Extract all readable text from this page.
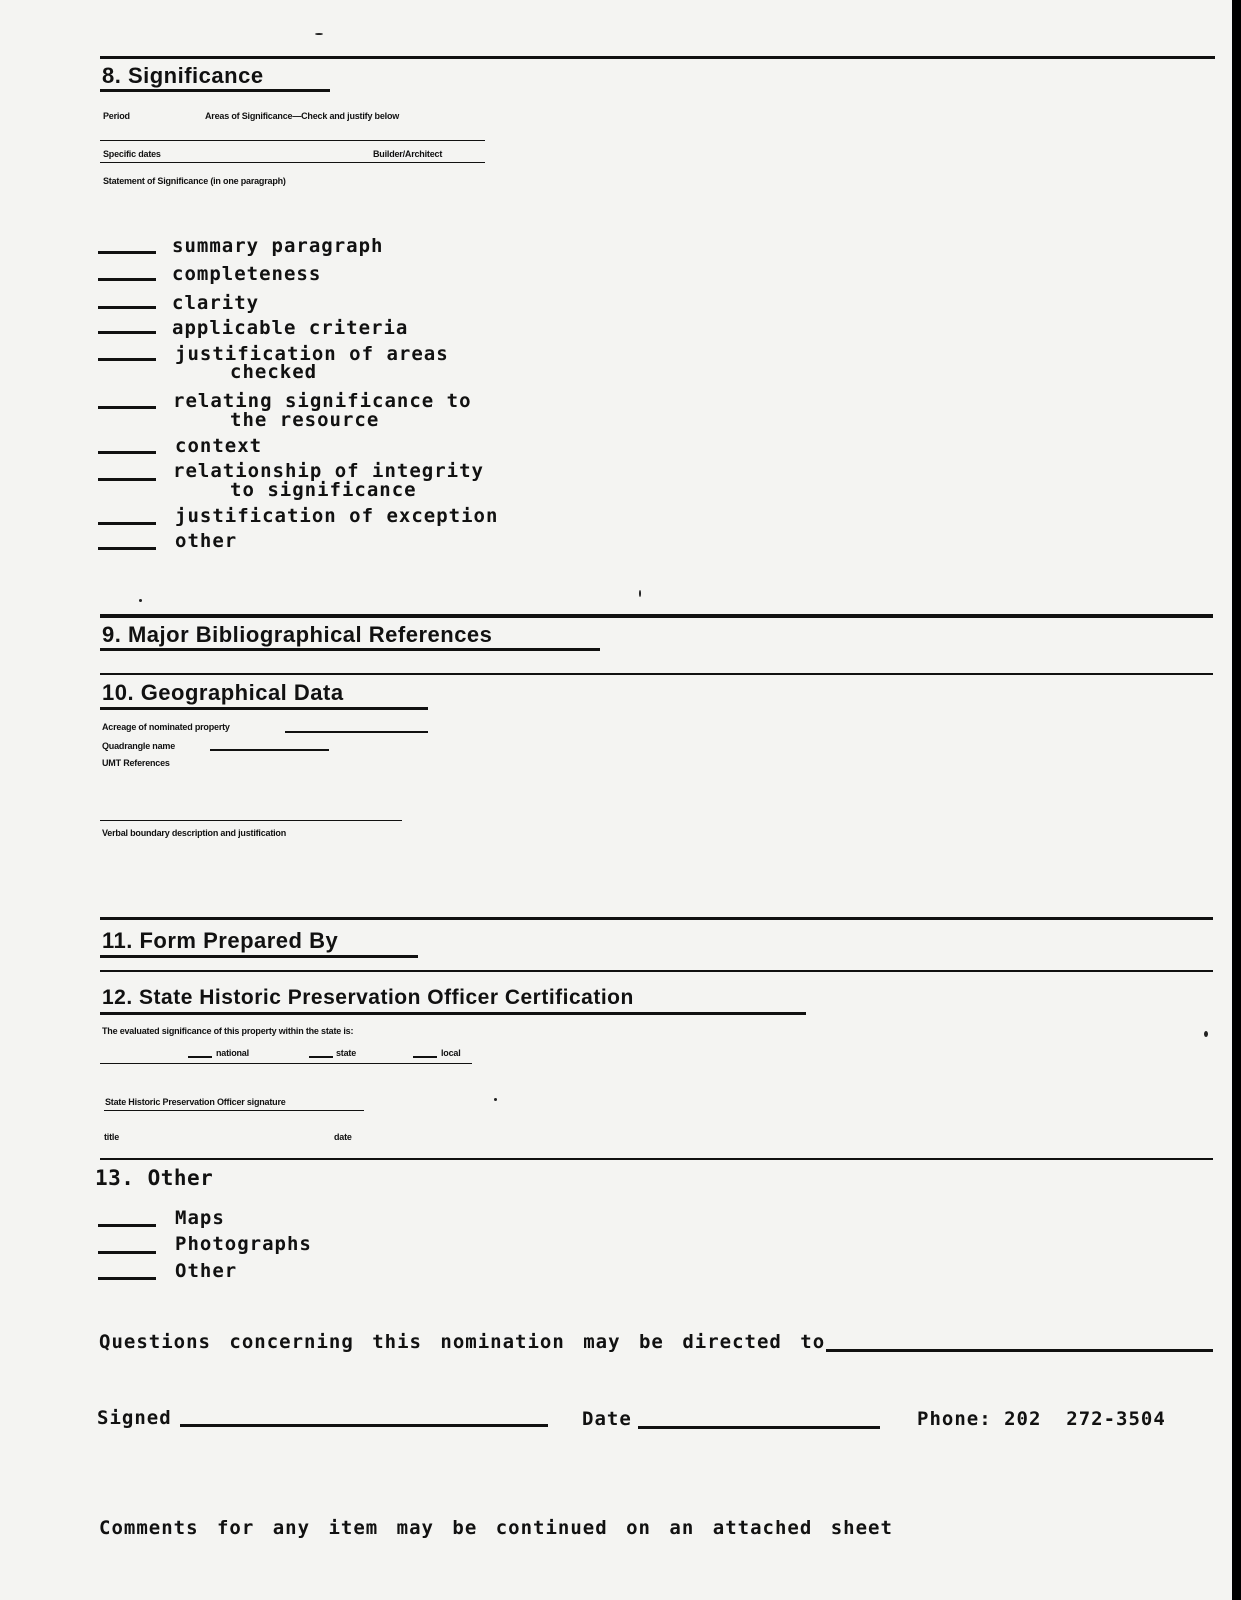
8. Significance
Period	Areas of Significance—Check and justify below
Specific dates	Builder/Architect
Statement of Significance (in one paragraph)
summary paragraph
completeness
clarity
applicable criteria
justification of areas
checked
relating significance to
the resource
context
relationship of integrity
to significance
justification of exception
other
9. Major Bibliographical References
10. Geographical Data
Acreage of nominated property
Quadrangle name
UMT References
Verbal boundary description and justification
11. Form Prepared By
12. State Historic Preservation Officer Certification
The evaluated significance of this property within the state is:
national	state	local
State Historic Preservation Officer signature
title	date
13. Other
Maps
Photographs
Other
Questions concerning this nomination may be directed to
Signed	Date	Phone: 202  272-3504
Comments for any item may be continued on an attached sheet
